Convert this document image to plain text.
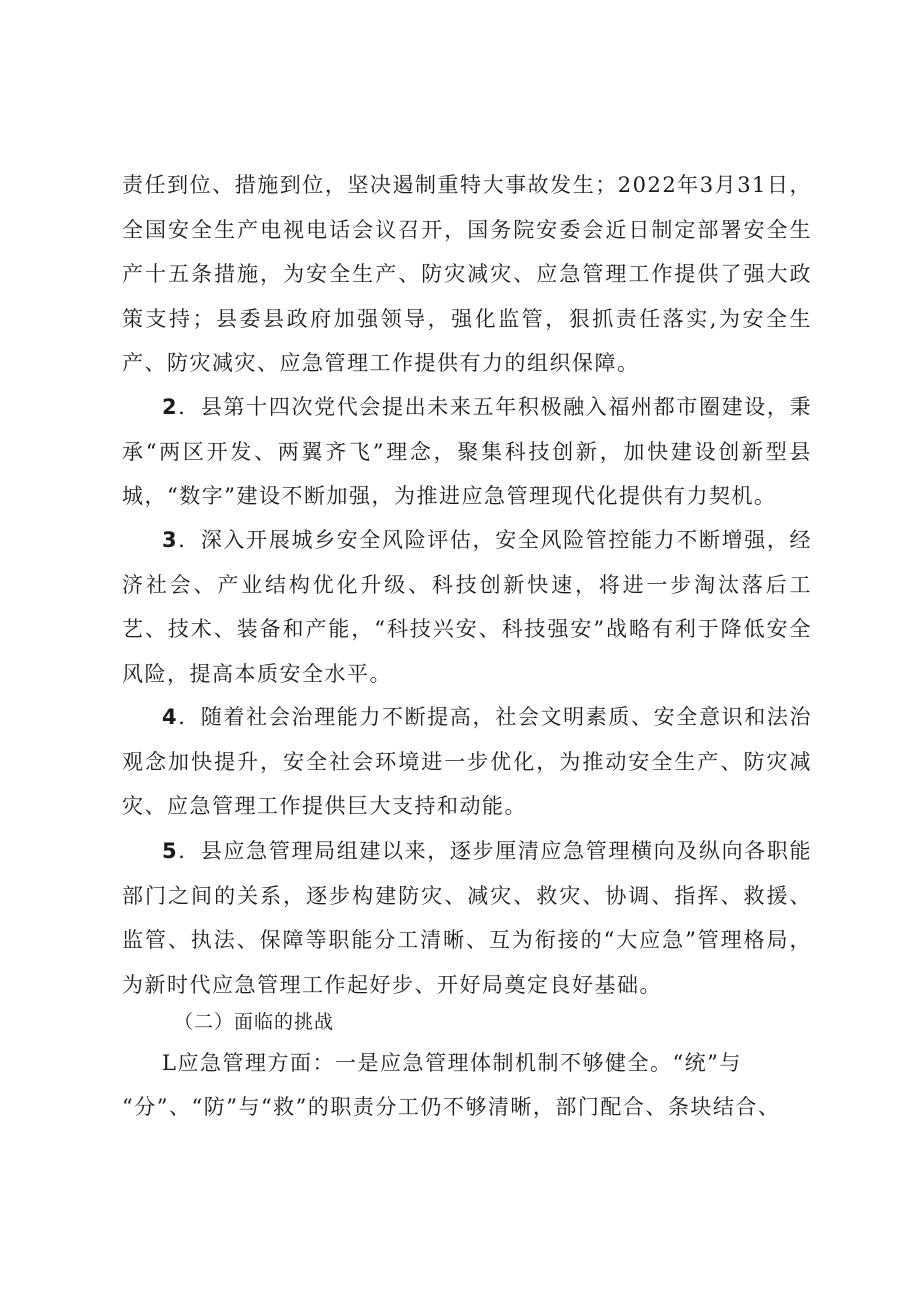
责任到位、措施到位，坚决遏制重特大事故发生；2022年3月31日，全国安全生产电视电话会议召开，国务院安委会近日制定部署安全生产十五条措施，为安全生产、防灾减灾、应急管理工作提供了强大政策支持；县委县政府加强领导，强化监管，狠抓责任落实,为安全生产、防灾减灾、应急管理工作提供有力的组织保障。

2．县第十四次党代会提出未来五年积极融入福州都市圈建设，秉承“两区开发、两翼齐飞”理念，聚集科技创新，加快建设创新型县城，“数字”建设不断加强，为推进应急管理现代化提供有力契机。

3．深入开展城乡安全风险评估，安全风险管控能力不断增强，经济社会、产业结构优化升级、科技创新快速，将进一步淘汰落后工艺、技术、装备和产能，“科技兴安、科技强安”战略有利于降低安全风险，提高本质安全水平。

4．随着社会治理能力不断提高，社会文明素质、安全意识和法治观念加快提升，安全社会环境进一步优化，为推动安全生产、防灾减灾、应急管理工作提供巨大支持和动能。

5．县应急管理局组建以来，逐步厘清应急管理横向及纵向各职能部门之间的关系，逐步构建防灾、减灾、救灾、协调、指挥、救援、监管、执法、保障等职能分工清晰、互为衔接的“大应急”管理格局，为新时代应急管理工作起好步、开好局奠定良好基础。

（二）面临的挑战

L应急管理方面：一是应急管理体制机制不够健全。“统”与

“分”、“防”与“救”的职责分工仍不够清晰，部门配合、条块结合、
